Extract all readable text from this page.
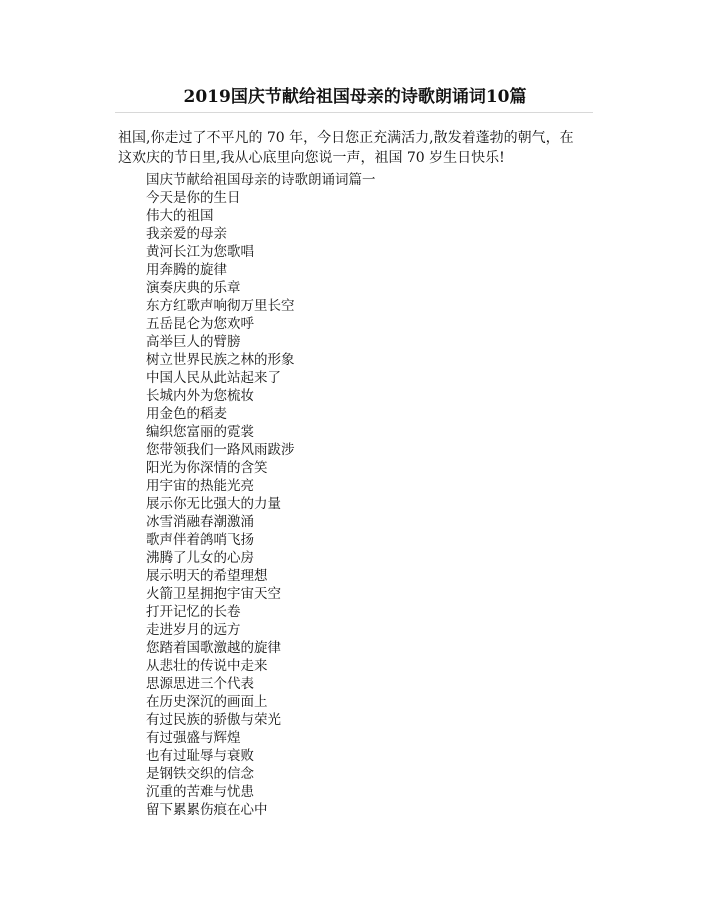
2019国庆节献给祖国母亲的诗歌朗诵词10篇
祖国,你走过了不平凡的 70 年，今日您正充满活力,散发着蓬勃的朝气，在
这欢庆的节日里,我从心底里向您说一声，祖国 70 岁生日快乐!
国庆节献给祖国母亲的诗歌朗诵词篇一
今天是你的生日
伟大的祖国
我亲爱的母亲
黄河长江为您歌唱
用奔腾的旋律
演奏庆典的乐章
东方红歌声响彻万里长空
五岳昆仑为您欢呼
高举巨人的臂膀
树立世界民族之林的形象
中国人民从此站起来了
长城内外为您梳妆
用金色的稻麦
编织您富丽的霓裳
您带领我们一路风雨跋涉
阳光为你深情的含笑
用宇宙的热能光亮
展示你无比强大的力量
冰雪消融春潮激涌
歌声伴着鸽哨飞扬
沸腾了儿女的心房
展示明天的希望理想
火箭卫星拥抱宇宙天空
打开记忆的长卷
走进岁月的远方
您踏着国歌激越的旋律
从悲壮的传说中走来
思源思进三个代表
在历史深沉的画面上
有过民族的骄傲与荣光
有过强盛与辉煌
也有过耻辱与衰败
是钢铁交织的信念
沉重的苦难与忧患
留下累累伤痕在心中
